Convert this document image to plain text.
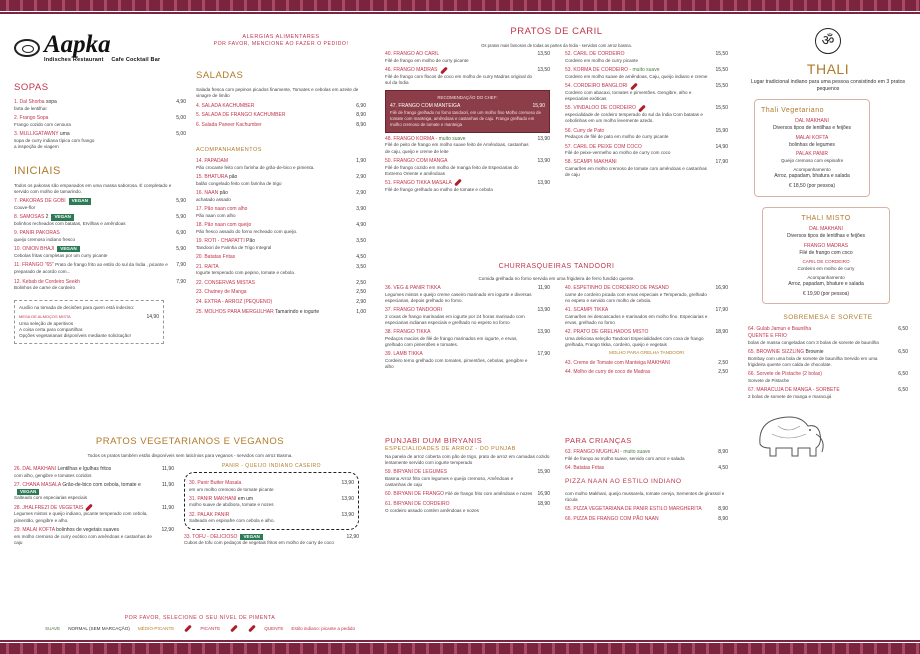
Aapka
Indisches Restaurant Cafe Cocktail Bar
SOPAS
1. Dal Shorba sopa
farta de lentilha!
4,90
2. Frango Sopa
Frango cozido com cenoura
5,00
3. MULLIGATAWNY uma
sopa de curry indiana típica com frango
a inspeção de viagem
5,00
INICIAIS
Todos os pakoras são empanados em uma massa saborosa. É completado e servido com molho de tamarindo.
7. PAKORAS DE GOBI VEGAN
Couve-flor
5,90
8. SAMOSAS 2 VEGAN
bolinhos recheados com batatas, Ervilhas e amêndoas
5,90
9. PANIR PAKORAS
queijo cremoso indiano fresco
6,90
10. ONION BHAJI VEGAN
Cebolas fritas completas por um curry picante
5,90
11. FRANGO "65" Prato de frango frito ao estilo do sul da Índia , picante e preparado de acordo com...
7,90
12. Kebab de Cordeiro Seekh
Bolinhos de carne de cordeiro
7,90
Auxílio na tomada de decisões para quem está indeciso:
MESA DE ALMOÇOS MISTA	14,90
Uma seleção de aperitivos
A coisa certa para compartilhar.
Opções vegetarianas disponíveis mediante solicitação!
ALERGIAS ALIMENTARES
POR FAVOR, MENCIONE AO FAZER O PEDIDO!
SALADAS
Salada fresca com pepinos picados finamente, Tomates e cebolas em azeite de vinagre de limão
4. SALADA KACHUMBER	6,90
5. SALADA DE FRANGO KACHUMBER	8,90
6. Salada Paneer Kachumber	8,90
ACOMPANHAMENTOS
14. PAPADAM
Pão crocante feito com farinha de grão-de-bico e pimenta.
1,90
15. BHATURA pão
balão congelado feito com farinha de trigo
2,90
16. NAAN pão
achatado assado
2,90
17. Pão naan com alho
Pão naan com alho
3,90
18. Pão naan com queijo
Pão fresco assado do forno recheado com queijo.
4,90
19. ROTI - CHAPATTI Pão
Tandoori de Farinha de Trigo Integral
3,50
20. Batatas Fritas	4,50
21. RAITA
Iogurte temperado com pepino, tomate e cebola.
3,50
22. CONSERVAS MISTAS	2,50
23. Chutney de Manga	2,50
24. EXTRA - ARROZ (PEQUENO)	2,90
25. MOLHOS PARA MERGULHAR Tamarindo e iogurte	1,00
PRATOS VEGETARIANOS E VEGANOS
Todos os pratos também estão disponíveis sem laticínios para veganos - servidos com arroz Basma.
26. DAL MAKHANI Lentilhas e lgulhas fritos
com alho, gengibre e tomates cozidos
11,90
27. CHANA MASALA Grão-de-bico com cebola, tomate eVEGAN
Salteado com especiarias especiais
11,90
28. JHALFREZI DE VEGETAIS
Legumes mistos e queijo indiano, picante temperado com cebola, pimentão, gengibre e alho.
11,90
29. MALAI KOFTA bolinhos de vegetais suaves
em molho cremoso de curry exótico com amêndoas e castanhas de caju
12,90
PANIR - QUEIJO INDIANO CASEIRO
30. Panir Butter Masala
em um molho cremoso de tomate picante
13,90
31. PANIR MAKHANI em um
molho suave de abóbora, tomate e nozes
13,90
32. PALAK PANIR
Salteado em espinafre com cebola e alho.
13,90
33. TOFU - DELICIOSO VEGAN
Cubos de tofu com pedaços de vegetais fritos em molho de curry de coco
12,90
POR FAVOR, SELECIONE O SEU NÍVEL DE PIMENTA
SUAVE NORMAL (SEM MARCAÇÃO) MÉDIO-PICANTE	PICANTE	QUENTE Estilo indiano: picante a pedido
PRATOS DE CARIL
Os pratos mais famosos de todas as partes da Índia - servidos com arroz basma.
40. FRANGO AO CARIL
Filé de frango em molho de curry picante
13,50
46. FRANGO MADRAS
Filé de frango com flocos de coco em molho de curry Madras original do sul da Índia
13,50
RECOMENDAÇÃO DO CHEF:
47. FRANGO COM MANTEIGA	15,90
Filé de frango grelhado no forno tandoori, em um molho fino Molho cremoso de tomate com manteiga, amêndoas e castanhas de caju. Frango grelhado em molho cremoso de tomate e manteiga
48. FRANGO KORMA - muito suave
Filé de peito de frango em molho suave feito de Amêndoas, castanhas de caju, queijo e creme de leite
13,90
50. FRANGO COM MANGA
Filé de frango cozido em molho de manga feito de Especiarias do Extremo Oriente e amêndoas
13,90
51. FRANGO TIKKA MASALA
Filé de frango grelhado ao molho de tomate e cebola
13,90
52. CARIL DE CORDEIRO
Cordeiro em molho de curry picante
15,50
53. KORMA DE CORDEIRO - muito suave
Cordeiro em molho suave de amêndoas, Caju, queijo indiano e creme
15,50
54. CORDEIRO BANGLORI
Cordeiro com abacaxi, tomates e pimentões. Gengibre, alho e especiarias exóticas
15,50
55. VINDALOO DE CORDEIRO
especialidade de cordeiro temperado do sul da Índia Com batatas e cebolinhas em um molho levemente azedo.
15,50
56. Curry de Pato
Pedaços de filé de pato em molho de curry picante
15,90
57. CARIL DE PEIXE COM COCO
Filé de peixe-vermelho ao molho de curry com coco
14,90
58. SCAMPI MAKHANI
Camarões em molho cremoso de tomate com amêndoas e castanhas de caju
17,90
CHURRASQUEIRAS TANDOORI
Comida grelhada no forno servida em uma frigideira de ferro fundido quente.
36. VEG & PANIR TIKKA
Legumes mistos e queijo creme caseiro marinado em iogurte e diversas especiarias, depois grelhado no forno.
11,90
37. FRANGO TANDOORI
2 coxas de frango marinadas em iogurte por 24 horas marinado com especiarias indianas especiais e grelhado no espeto no forno
13,90
38. FRANGO TIKKA
Pedaços macios de filé de frango marinados em iogurte, e ervas, grelhado com pimentões e tomates.
13,90
39. LAMB TIKKA
Cordeiro terno grelhado com tomates, pimentões, cebolas, gengibre e alho
17,90
40. ESPETINHO DE CORDEIRO DE PASAND
carne de cordeiro picada com ervas especiais e Temperado, grelhado no espeto e servido com molho de cebola.
16,90
41. SCAMPI TIKKA
Camarões rei descascados e marinados em molho fino. Especiarias e ervas, grelhado no forno
17,90
42. PRATO DE GRELHADOS MISTO
Uma deliciosa seleção Tandoori Especialidades com coxa de frango grelhada, Frango tikka, cordeiro, queijo e vegetais
18,90
MOLHO PARA GRELHA TANDOORI
43. Creme de Tomate com Manteiga MAKHANI	2,50
44. Molho de curry de coco de Madras	2,50
PUNJABI DUM BIRYANIS
ESPECIALIDADES DE ARROZ - DO PUNJAB
Na panela de arroz coberta com pão de trigo, prato de arroz em camadas cozido lentamente servido com iogurte temperado
59. BIRYANI DE LEGUMES
Basma Arroz frito com legumes e queijo cremoso, Amêndoas e castanhas de caju
15,90
60. BIRYANI DE FRANGO Filé de frango frito com amêndoas e nozes 16,90
61. BIRYANI DE CORDEIRO
O cordeiro assado contém amêndoas e nozes
18,90
PARA CRIANÇAS
63. FRANGO MUGHLAI - muito suave
Filé de frango ao molho suave, servido com arroz e salada
8,90
64. Batatas Fritas	4,50
PIZZA NAAN AO ESTILO INDIANO
com molho Makhani, queijo mussarela, tomate cereja, Sementes de girassol e rúcula
65. PIZZA VEGETARIANA DE PANIR ESTILO MARGHERITA	8,90
66. PIZZA DE FRANGO COM PÃO NAAN	8,90
ॐ
THALI
Lugar tradicional indiano para uma pessoa consistindo em 3 pratos pequenos
Thali Vegetariano
DAL MAKHANI
Diversos tipos de lentilhas e feijões
MALAI KOFTA
bolinhas de legumes
PALAK PANIR
Queijo cremoso com espinafre
Acompanhamento
Arroz, papadam, bhatura e salada
€ 18,50 (por pessoa)
THALI MISTO
DAL MAKHANI
Diversos tipos de lentilhas e feijões
FRANGO MADRAS
Filé de frango com coco
CARIL DE CORDEIRO
Cordeiro em molho de curry
Acompanhamento
Arroz, papadam, bhature e salada
€ 19,90 (por pessoa)
SOBREMESA E SORVETE
64. Gulab Jamun e Baunilha
QUENTE E FRIO
bolas de massa congeladas com 3 bolas de sorvete de baunilha
6,50
65. BROWNIE SIZZLING Brownie
Bombay com uma bola de sorvete de baunilha Servido em uma frigideira quente com calda de chocolate.
6,50
66. Sorvete de Pistache (2 bolas)
Sorvete de Pistache
6,50
67. MARACUJA DE MANGA - SORBETE
2 bolas de sorvete de manga e maracujá
6,50
